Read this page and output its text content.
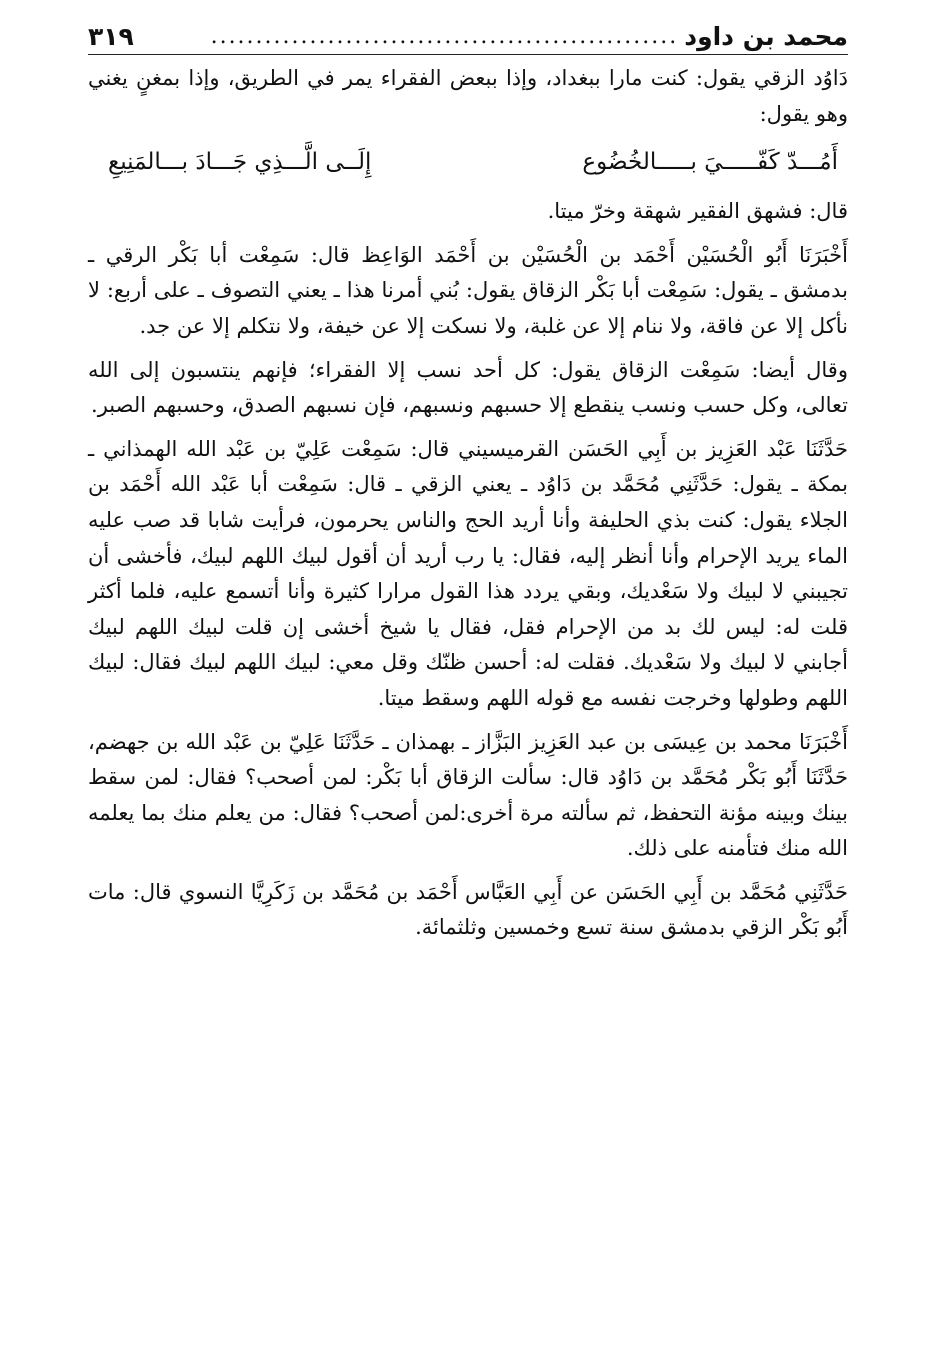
محمد بن داود
....................................................
٣١٩

دَاوُد الزقي يقول: كنت مارا ببغداد، وإذا ببعض الفقراء يمر في الطريق، وإذا بمغنٍ يغني وهو يقول:

أَمُـــدّ كَفّـــــيَ بـــــالخُضُوع
إِلَــى الَّـــذِي جَـــادَ بـــالمَنِيعِ

قال: فشهق الفقير شهقة وخرّ ميتا.

أَخْبَرَنَا أَبُو الْحُسَيْن أَحْمَد بن الْحُسَيْن بن أَحْمَد الوَاعِظ قال: سَمِعْت أبا بَكْر الرقي ـ بدمشق ـ يقول: سَمِعْت أبا بَكْر الزقاق يقول: بُني أمرنا هذا ـ يعني التصوف ـ على أربع: لا نأكل إلا عن فاقة، ولا ننام إلا عن غلبة، ولا نسكت إلا عن خيفة، ولا نتكلم إلا عن جد.

وقال أيضا: سَمِعْت الزقاق يقول: كل أحد نسب إلا الفقراء؛ فإنهم ينتسبون إلى الله تعالى، وكل حسب ونسب ينقطع إلا حسبهم ونسبهم، فإن نسبهم الصدق، وحسبهم الصبر.

حَدَّثَنَا عَبْد العَزِيز بن أَبِي الحَسَن القرميسيني قال: سَمِعْت عَلِيّ بن عَبْد الله الهمذاني ـ بمكة ـ يقول: حَدَّثَنِي مُحَمَّد بن دَاوُد ـ يعني الزقي ـ قال: سَمِعْت أبا عَبْد الله أَحْمَد بن الجلاء يقول: كنت بذي الحليفة وأنا أريد الحج والناس يحرمون، فرأيت شابا قد صب عليه الماء يريد الإحرام وأنا أنظر إليه، فقال: يا رب أريد أن أقول لبيك اللهم لبيك، فأخشى أن تجيبني لا لبيك ولا سَعْديك، وبقي يردد هذا القول مرارا كثيرة وأنا أتسمع عليه، فلما أكثر قلت له: ليس لك بد من الإحرام فقل، فقال يا شيخ أخشى إن قلت لبيك اللهم لبيك أجابني لا لبيك ولا سَعْديك. فقلت له: أحسن ظنّك وقل معي: لبيك اللهم لبيك فقال: لبيك اللهم وطولها وخرجت نفسه مع قوله اللهم وسقط ميتا.

أَخْبَرَنَا محمد بن عِيسَى بن عبد العَزِيز البَزَّاز ـ بهمذان ـ حَدَّثَنَا عَلِيّ بن عَبْد الله بن جهضم، حَدَّثَنَا أَبُو بَكْر مُحَمَّد بن دَاوُد قال: سألت الزقاق أبا بَكْر: لمن أصحب؟ فقال: لمن سقط بينك وبينه مؤنة التحفظ، ثم سألته مرة أخرى:لمن أصحب؟ فقال: من يعلم منك بما يعلمه الله منك فتأمنه على ذلك.

حَدَّثَنِي مُحَمَّد بن أَبِي الحَسَن عن أَبِي العَبَّاس أَحْمَد بن مُحَمَّد بن زَكَرِيَّا النسوي قال: مات أَبُو بَكْر الزقي بدمشق سنة تسع وخمسين وثلثمائة.
